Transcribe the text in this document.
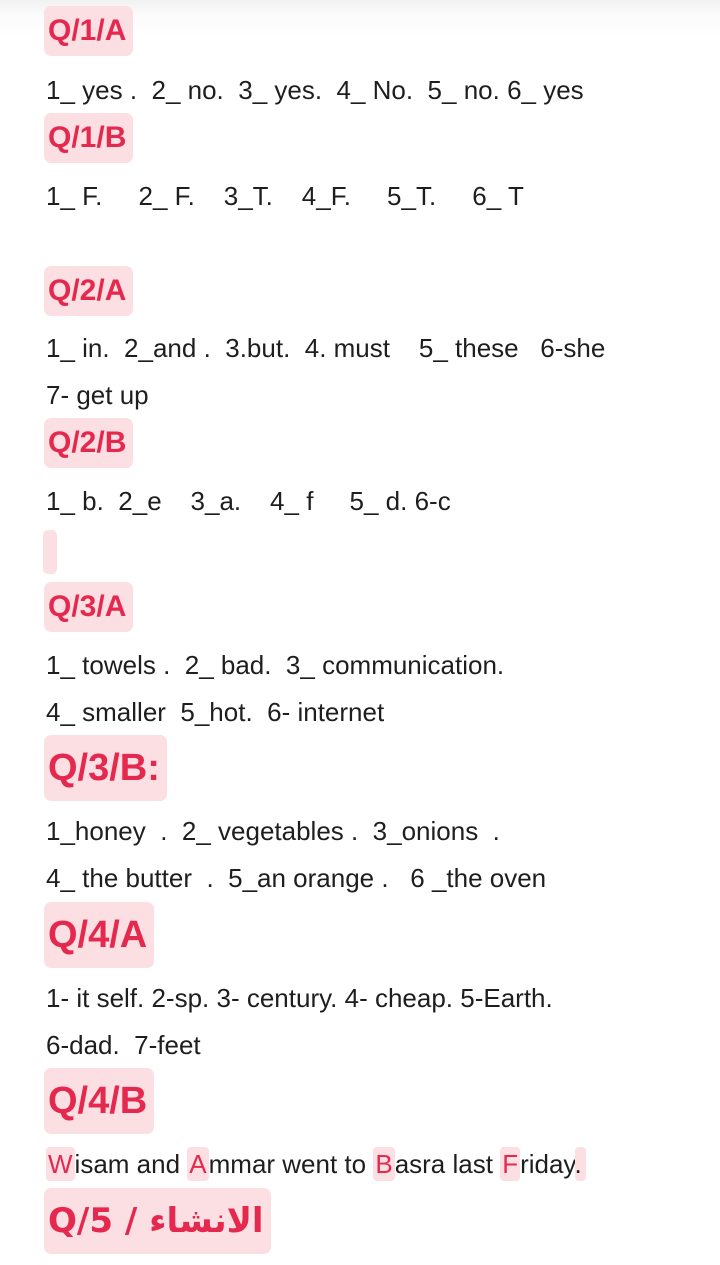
Q/1/A
1_ yes .  2_ no.  3_ yes.  4_ No.  5_ no. 6_ yes
Q/1/B
1_ F.     2_ F.    3_T.    4_F.     5_T.     6_ T
Q/2/A
1_ in.  2_and .  3.but.  4. must    5_ these   6-she
7- get up
Q/2/B
1_ b.  2_e    3_a.    4_ f     5_ d. 6-c
Q/3/A
1_ towels .  2_ bad.  3_ communication.
4_ smaller  5_hot.  6- internet
Q/3/B:
1_honey  .  2_ vegetables .  3_onions  .
4_ the butter  .  5_an orange .   6 _the oven
Q/4/A
1- it self. 2-sp. 3- century. 4- cheap. 5-Earth.
6-dad.  7-feet
Q/4/B
Wisam and Ammar went to Basra last Friday.
Q/5 / الانشاء
